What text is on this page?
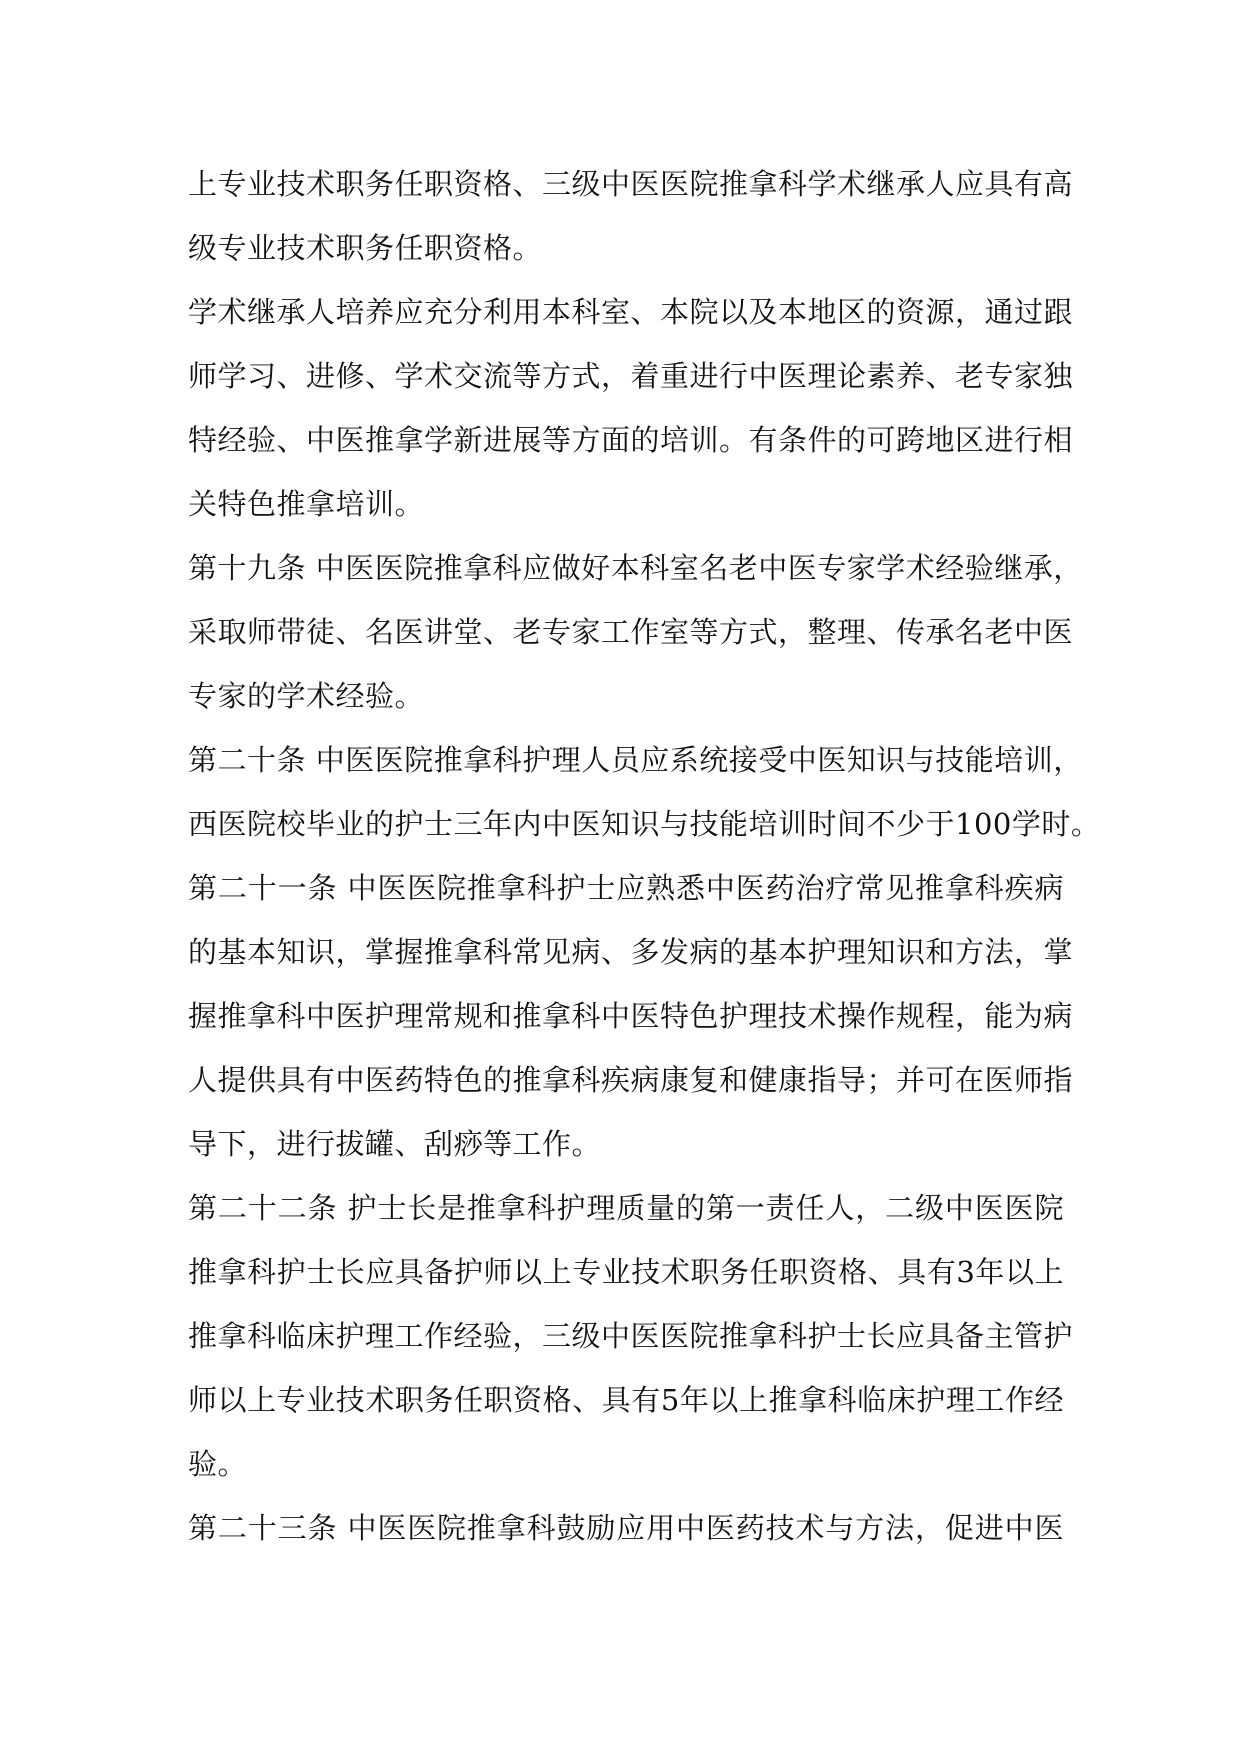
上专业技术职务任职资格、三级中医医院推拿科学术继承人应具有高
级专业技术职务任职资格。
学术继承人培养应充分利用本科室、本院以及本地区的资源，通过跟
师学习、进修、学术交流等方式，着重进行中医理论素养、老专家独
特经验、中医推拿学新进展等方面的培训。有条件的可跨地区进行相
关特色推拿培训。
第十九条 中医医院推拿科应做好本科室名老中医专家学术经验继承，
采取师带徒、名医讲堂、老专家工作室等方式，整理、传承名老中医
专家的学术经验。
第二十条 中医医院推拿科护理人员应系统接受中医知识与技能培训，
西医院校毕业的护士三年内中医知识与技能培训时间不少于100学时。
第二十一条 中医医院推拿科护士应熟悉中医药治疗常见推拿科疾病
的基本知识，掌握推拿科常见病、多发病的基本护理知识和方法，掌
握推拿科中医护理常规和推拿科中医特色护理技术操作规程，能为病
人提供具有中医药特色的推拿科疾病康复和健康指导；并可在医师指
导下，进行拔罐、刮痧等工作。
第二十二条 护士长是推拿科护理质量的第一责任人，二级中医医院
推拿科护士长应具备护师以上专业技术职务任职资格、具有3年以上
推拿科临床护理工作经验，三级中医医院推拿科护士长应具备主管护
师以上专业技术职务任职资格、具有5年以上推拿科临床护理工作经
验。
第二十三条 中医医院推拿科鼓励应用中医药技术与方法，促进中医
